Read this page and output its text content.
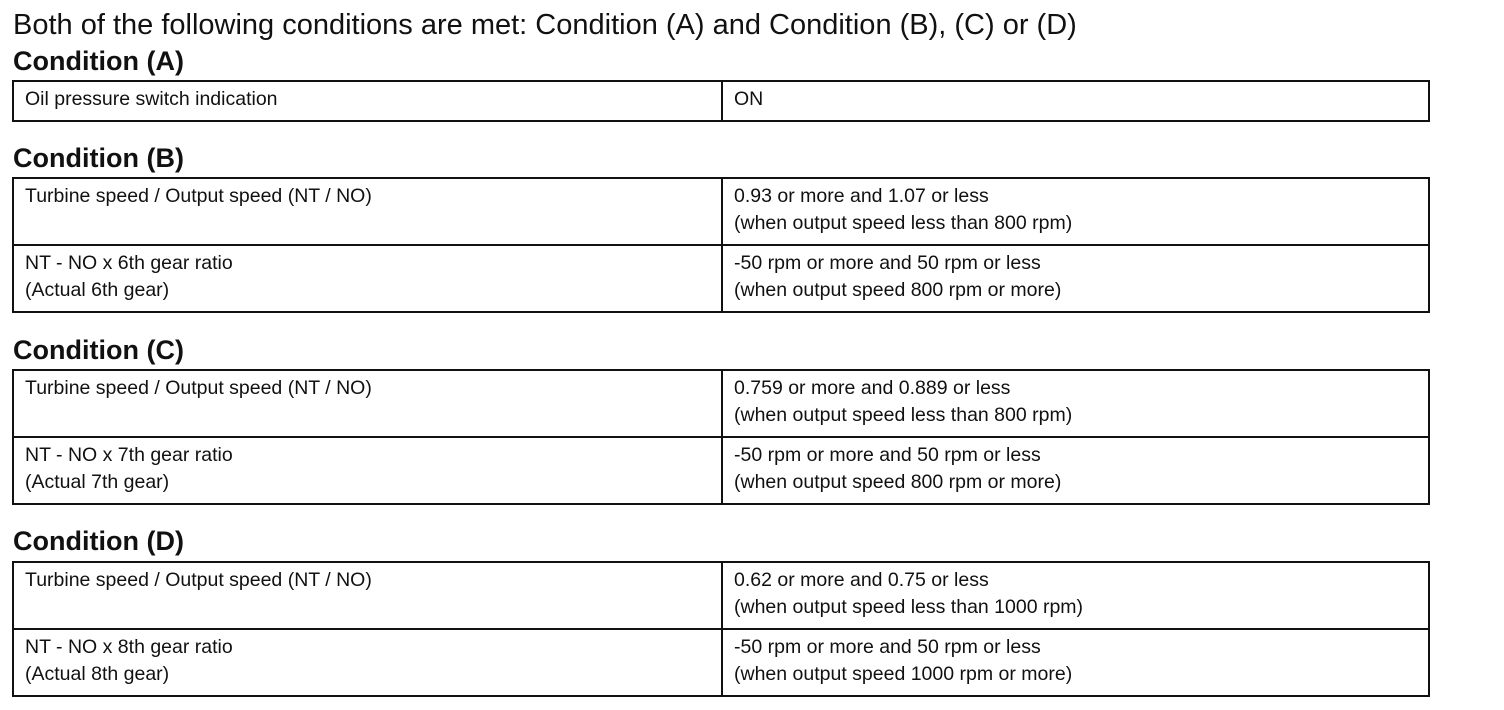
Both of the following conditions are met: Condition (A) and Condition (B), (C) or (D)
Condition (A)
Oil pressure switch indication	ON
Condition (B)
Turbine speed / Output speed (NT / NO)	0.93 or more and 1.07 or less
(when output speed less than 800 rpm)

NT - NO x 6th gear ratio
(Actual 6th gear)	-50 rpm or more and 50 rpm or less
(when output speed 800 rpm or more)
Condition (C)
Turbine speed / Output speed (NT / NO)	0.759 or more and 0.889 or less
(when output speed less than 800 rpm)

NT - NO x 7th gear ratio
(Actual 7th gear)	-50 rpm or more and 50 rpm or less
(when output speed 800 rpm or more)
Condition (D)
Turbine speed / Output speed (NT / NO)	0.62 or more and 0.75 or less
(when output speed less than 1000 rpm)

NT - NO x 8th gear ratio
(Actual 8th gear)	-50 rpm or more and 50 rpm or less
(when output speed 1000 rpm or more)
